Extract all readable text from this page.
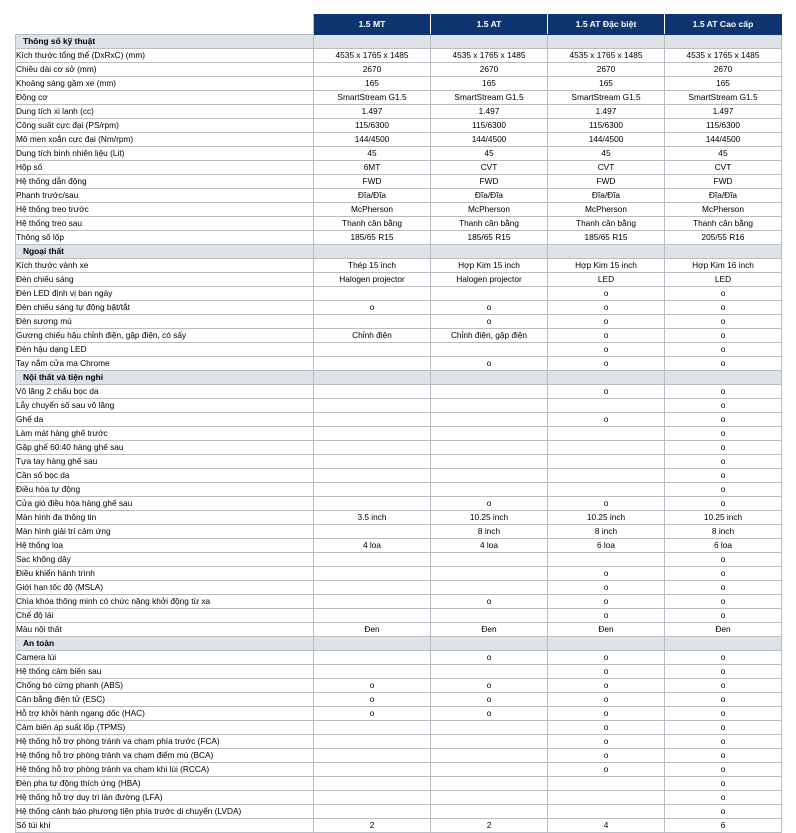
	1.5 MT	1.5 AT	1.5 AT Đặc biệt	1.5 AT Cao cấp
Thông số kỹ thuật				
Kích thước tổng thể (DxRxC) (mm)	4535 x 1765 x 1485	4535 x 1765 x 1485	4535 x 1765 x 1485	4535 x 1765 x 1485
Chiều dài cơ sở (mm)	2670	2670	2670	2670
Khoảng sáng gầm xe (mm)	165	165	165	165
Động cơ	SmartStream G1.5	SmartStream G1.5	SmartStream G1.5	SmartStream G1.5
Dung tích xi lanh (cc)	1.497	1.497	1.497	1.497
Công suất cực đại (PS/rpm)	115/6300	115/6300	115/6300	115/6300
Mô men xoắn cực đại (Nm/rpm)	144/4500	144/4500	144/4500	144/4500
Dung tích bình nhiên liệu (Lit)	45	45	45	45
Hộp số	6MT	CVT	CVT	CVT
Hệ thống dẫn động	FWD	FWD	FWD	FWD
Phanh trước/sau	Đĩa/Đĩa	Đĩa/Đĩa	Đĩa/Đĩa	Đĩa/Đĩa
Hệ thống treo trước	McPherson	McPherson	McPherson	McPherson
Hệ thống treo sau	Thanh cân bằng	Thanh cân bằng	Thanh cân bằng	Thanh cân bằng
Thông số lốp	185/65 R15	185/65 R15	185/65 R15	205/55 R16
Ngoại thất				
Kích thước vành xe	Thép 15 inch	Hợp Kim 15 inch	Hợp Kim 15 inch	Hợp Kim 16 inch
Đèn chiếu sáng	Halogen projector	Halogen projector	LED	LED
Đèn LED định vị ban ngày			o	o
Đèn chiếu sáng tự động bật/tắt	o	o	o	o
Đèn sương mù		o	o	o
Gương chiếu hậu chỉnh điện, gập điện, có sấy	Chỉnh điện	Chỉnh điện, gập điện	o	o
Đèn hậu dạng LED			o	o
Tay nắm cửa mạ Chrome		o	o	o
Nội thất và tiện nghi				
Vô lăng 2 chấu bọc da			o	o
Lẫy chuyển số sau vô lăng				o
Ghế da			o	o
Làm mát hàng ghế trước				o
Gập ghế 60:40 hàng ghế sau				o
Tựa tay hàng ghế sau				o
Cần số bọc da				o
Điều hòa tự động				o
Cửa gió điều hòa hàng ghế sau		o	o	o
Màn hình đa thông tin	3.5 inch	10.25 inch	10.25 inch	10.25 inch
Màn hình giải trí cảm ứng		8 inch	8 inch	8 inch
Hệ thống loa	4 loa	4 loa	6 loa	6 loa
Sạc không dây				o
Điều khiển hành trình			o	o
Giới hạn tốc độ (MSLA)			o	o
Chìa khóa thông minh có chức năng khởi động từ xa		o	o	o
Chế độ lái			o	o
Màu nội thất	Đen	Đen	Đen	Đen
An toàn				
Camera lùi		o	o	o
Hệ thống cảm biến sau			o	o
Chống bó cứng phanh (ABS)	o	o	o	o
Cân bằng điện tử (ESC)	o	o	o	o
Hỗ trợ khởi hành ngang dốc (HAC)	o	o	o	o
Cảm biến áp suất lốp (TPMS)			o	o
Hệ thống hỗ trợ phòng tránh va chạm phía trước (FCA)			o	o
Hệ thống hỗ trợ phòng tránh va chạm điểm mù (BCA)			o	o
Hệ thống hỗ trợ phòng tránh va chạm khi lùi (RCCA)			o	o
Đèn pha tự động thích ứng (HBA)				o
Hệ thống hỗ trợ duy trì làn đường (LFA)				o
Hệ thống cảnh báo phương tiện phía trước di chuyển (LVDA)				o
Số túi khí	2	2	4	6
